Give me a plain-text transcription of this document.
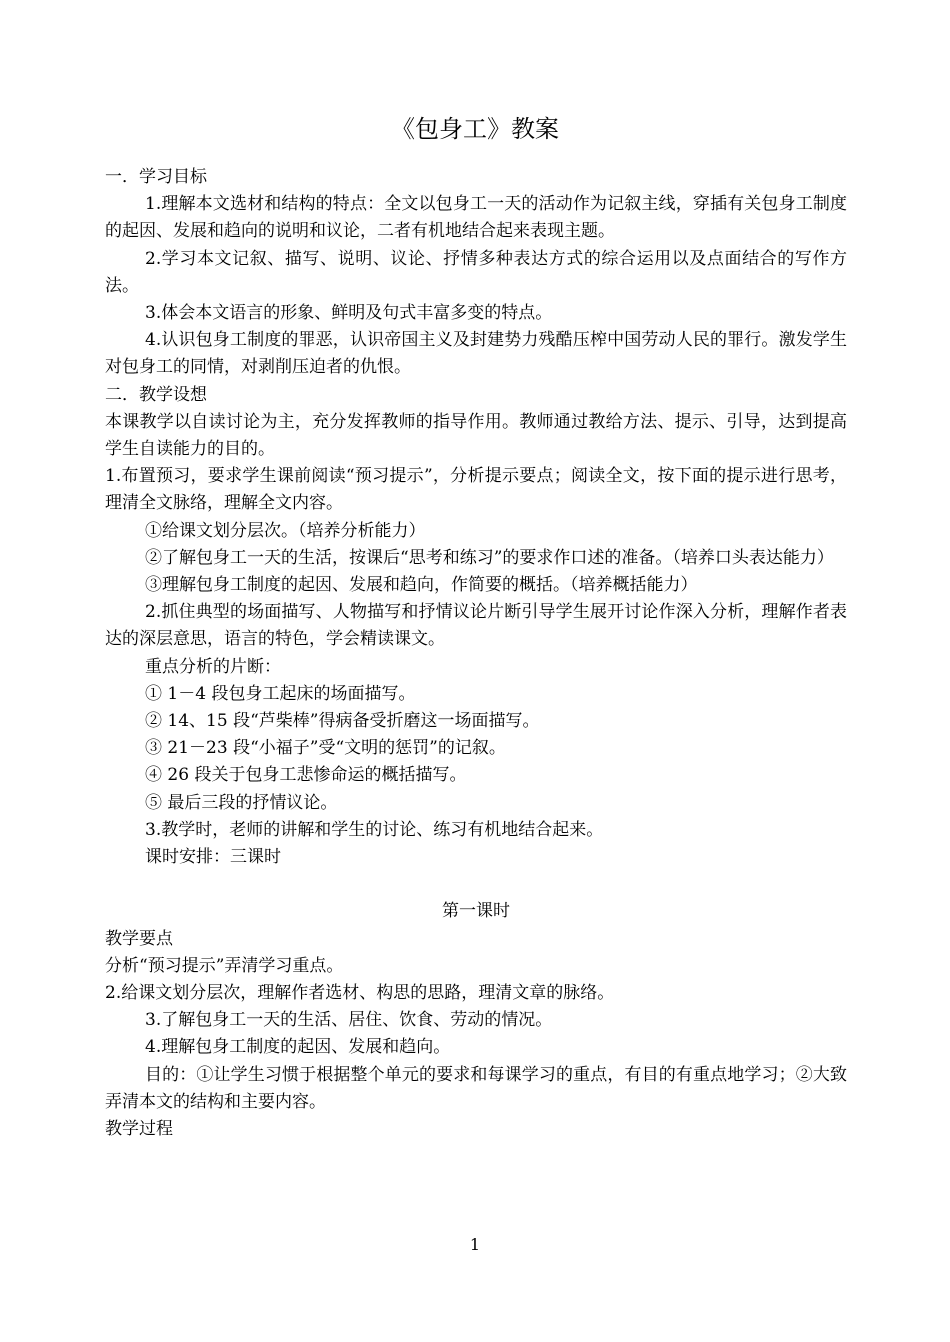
《包身工》教案

一．学习目标

1.理解本文选材和结构的特点：全文以包身工一天的活动作为记叙主线，穿插有关包身工制度的起因、发展和趋向的说明和议论，二者有机地结合起来表现主题。

2.学习本文记叙、描写、说明、议论、抒情多种表达方式的综合运用以及点面结合的写作方法。

3.体会本文语言的形象、鲜明及句式丰富多变的特点。

4.认识包身工制度的罪恶，认识帝国主义及封建势力残酷压榨中国劳动人民的罪行。激发学生对包身工的同情，对剥削压迫者的仇恨。

二．教学设想

本课教学以自读讨论为主，充分发挥教师的指导作用。教师通过教给方法、提示、引导，达到提高学生自读能力的目的。

1.布置预习，要求学生课前阅读“预习提示”，分析提示要点；阅读全文，按下面的提示进行思考，理清全文脉络，理解全文内容。

①给课文划分层次。（培养分析能力）

②了解包身工一天的生活，按课后“思考和练习”的要求作口述的准备。（培养口头表达能力）

③理解包身工制度的起因、发展和趋向，作简要的概括。（培养概括能力）

2.抓住典型的场面描写、人物描写和抒情议论片断引导学生展开讨论作深入分析，理解作者表达的深层意思，语言的特色，学会精读课文。

重点分析的片断：

① 1－4 段包身工起床的场面描写。

② 14、15 段“芦柴棒”得病备受折磨这一场面描写。

③ 21－23 段“小福子”受“文明的惩罚”的记叙。

④ 26 段关于包身工悲惨命运的概括描写。

⑤ 最后三段的抒情议论。

3.教学时，老师的讲解和学生的讨论、练习有机地结合起来。

课时安排：三课时

第一课时

教学要点

分析“预习提示”弄清学习重点。

2.给课文划分层次，理解作者选材、构思的思路，理清文章的脉络。

3.了解包身工一天的生活、居住、饮食、劳动的情况。

4.理解包身工制度的起因、发展和趋向。

目的：①让学生习惯于根据整个单元的要求和每课学习的重点，有目的有重点地学习；②大致弄清本文的结构和主要内容。

教学过程

1
